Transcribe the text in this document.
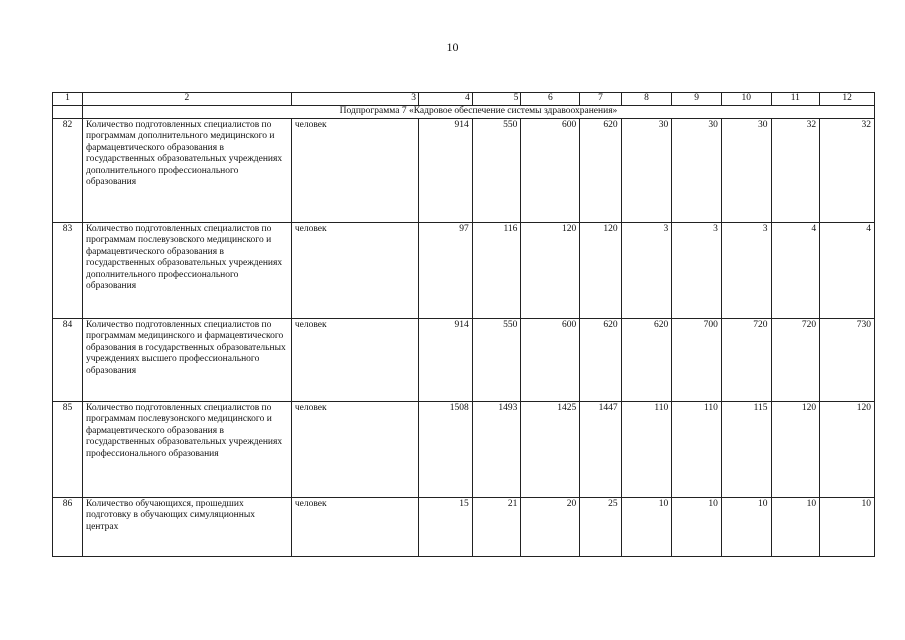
10
1	2	3	4	5	6	7	8	9	10	11	12
	Подпрограмма 7 «Кадровое обеспечение системы здравоохранения»										
82	Количество подготовленных специалистов по программам дополнительного медицинского и фармацевтического образования в государственных образовательных учреждениях дополнительного профессионального образования	человек	914	550	600	620	30	30	30	32	32
83	Количество подготовленных специалистов по программам послевузовского медицинского и фармацевтического образования в государственных образовательных учреждениях дополнительного профессионального образования	человек	97	116	120	120	3	3	3	4	4
84	Количество подготовленных специалистов по программам медицинского и фармацевтического образования в государственных образовательных учреждениях высшего профессионального образования	человек	914	550	600	620	620	700	720	720	730
85	Количество подготовленных специалистов по программам послевузонского медицинского и фармацевтического образования в государственных образовательных учреждениях профессионального образования	человек	1508	1493	1425	1447	110	110	115	120	120
86	Количество обучающихся, прошедших подготовку в обучающих симуляционных центрах	человек	15	21	20	25	10	10	10	10	10
